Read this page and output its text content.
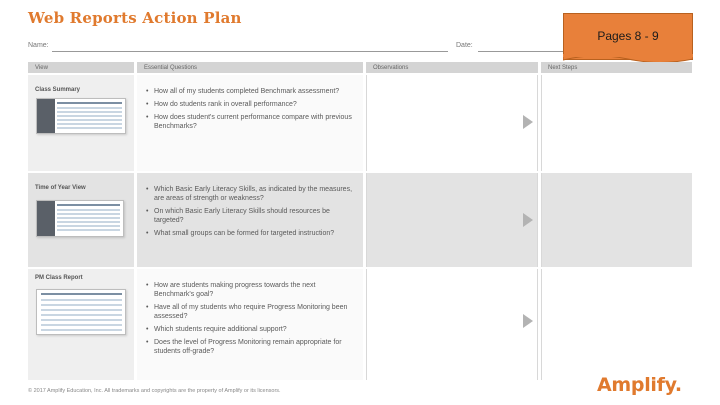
Web Reports Action Plan
Name:	Date:
Pages 8 - 9
View	Essential Questions	Observations	Next Steps
Class Summary	• How all of my students completed Benchmark assessment?
• How do students rank in overall performance?
• How does student's current performance compare with previous Benchmarks?
Time of Year View	• Which Basic Early Literacy Skills, as indicated by the measures, are areas of strength or weakness?
• On which Basic Early Literacy Skills should resources be targeted?
• What small groups can be formed for targeted instruction?
PM Class Report
• How are students making progress towards the next Benchmark's goal?
• Have all of my students who require Progress Monitoring been assessed?
• Which students require additional support?
• Does the level of Progress Monitoring remain appropriate for students off-grade?
© 2017 Amplify Education, Inc. All trademarks and copyrights are the property of Amplify or its licensors.	Amplify.
